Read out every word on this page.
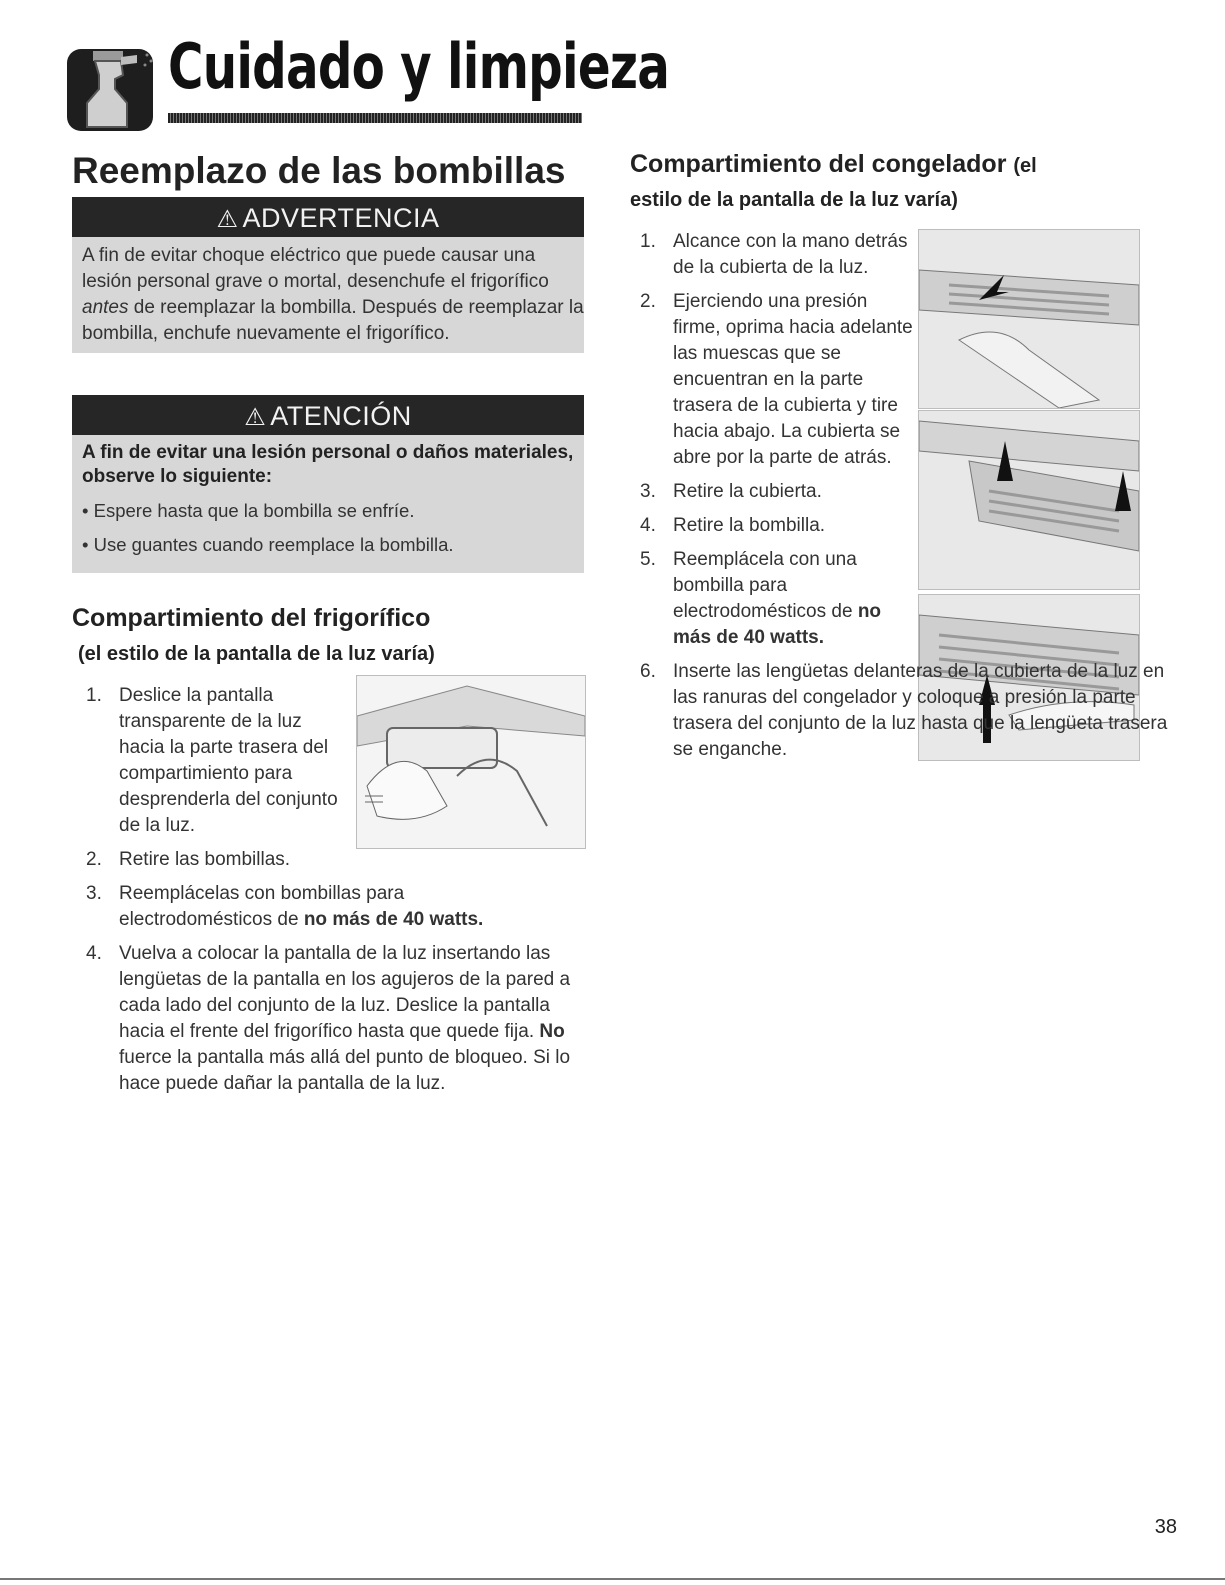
Cuidado y limpieza
Reemplazo de las bombillas
⚠ ADVERTENCIA
A fin de evitar choque eléctrico que puede causar una lesión personal grave o mortal, desenchufe el frigorífico antes de reemplazar la bombilla. Después de reemplazar la bombilla, enchufe nuevamente el frigorífico.
⚠ ATENCIÓN
A fin de evitar una lesión personal o daños materiales, observe lo siguiente:
• Espere hasta que la bombilla se enfríe.
• Use guantes cuando reemplace la bombilla.
Compartimiento del frigorífico
(el estilo de la pantalla de la luz varía)
1. Deslice la pantalla transparente de la luz hacia la parte trasera del compartimiento para desprenderla del conjunto de la luz.
2. Retire las bombillas.
3. Reemplácelas con bombillas para electrodomésticos de no más de 40 watts.
4. Vuelva a colocar la pantalla de la luz insertando las lengüetas de la pantalla en los agujeros de la pared a cada lado del conjunto de la luz. Deslice la pantalla hacia el frente del frigorífico hasta que quede fija. No fuerce la pantalla más allá del punto de bloqueo. Si lo hace puede dañar la pantalla de la luz.
Compartimiento del congelador (el
estilo de la pantalla de la luz varía)
1. Alcance con la mano detrás de la cubierta de la luz.
2. Ejerciendo una presión firme, oprima hacia adelante las muescas que se encuentran en la parte trasera de la cubierta y tire hacia abajo. La cubierta se abre por la parte de atrás.
3. Retire la cubierta.
4. Retire la bombilla.
5. Reemplácela con una bombilla para electrodomésticos de no más de 40 watts.
6. Inserte las lengüetas delanteras de la cubierta de la luz en las ranuras del congelador y coloque a presión la parte trasera del conjunto de la luz hasta que la lengüeta trasera se enganche.
38
